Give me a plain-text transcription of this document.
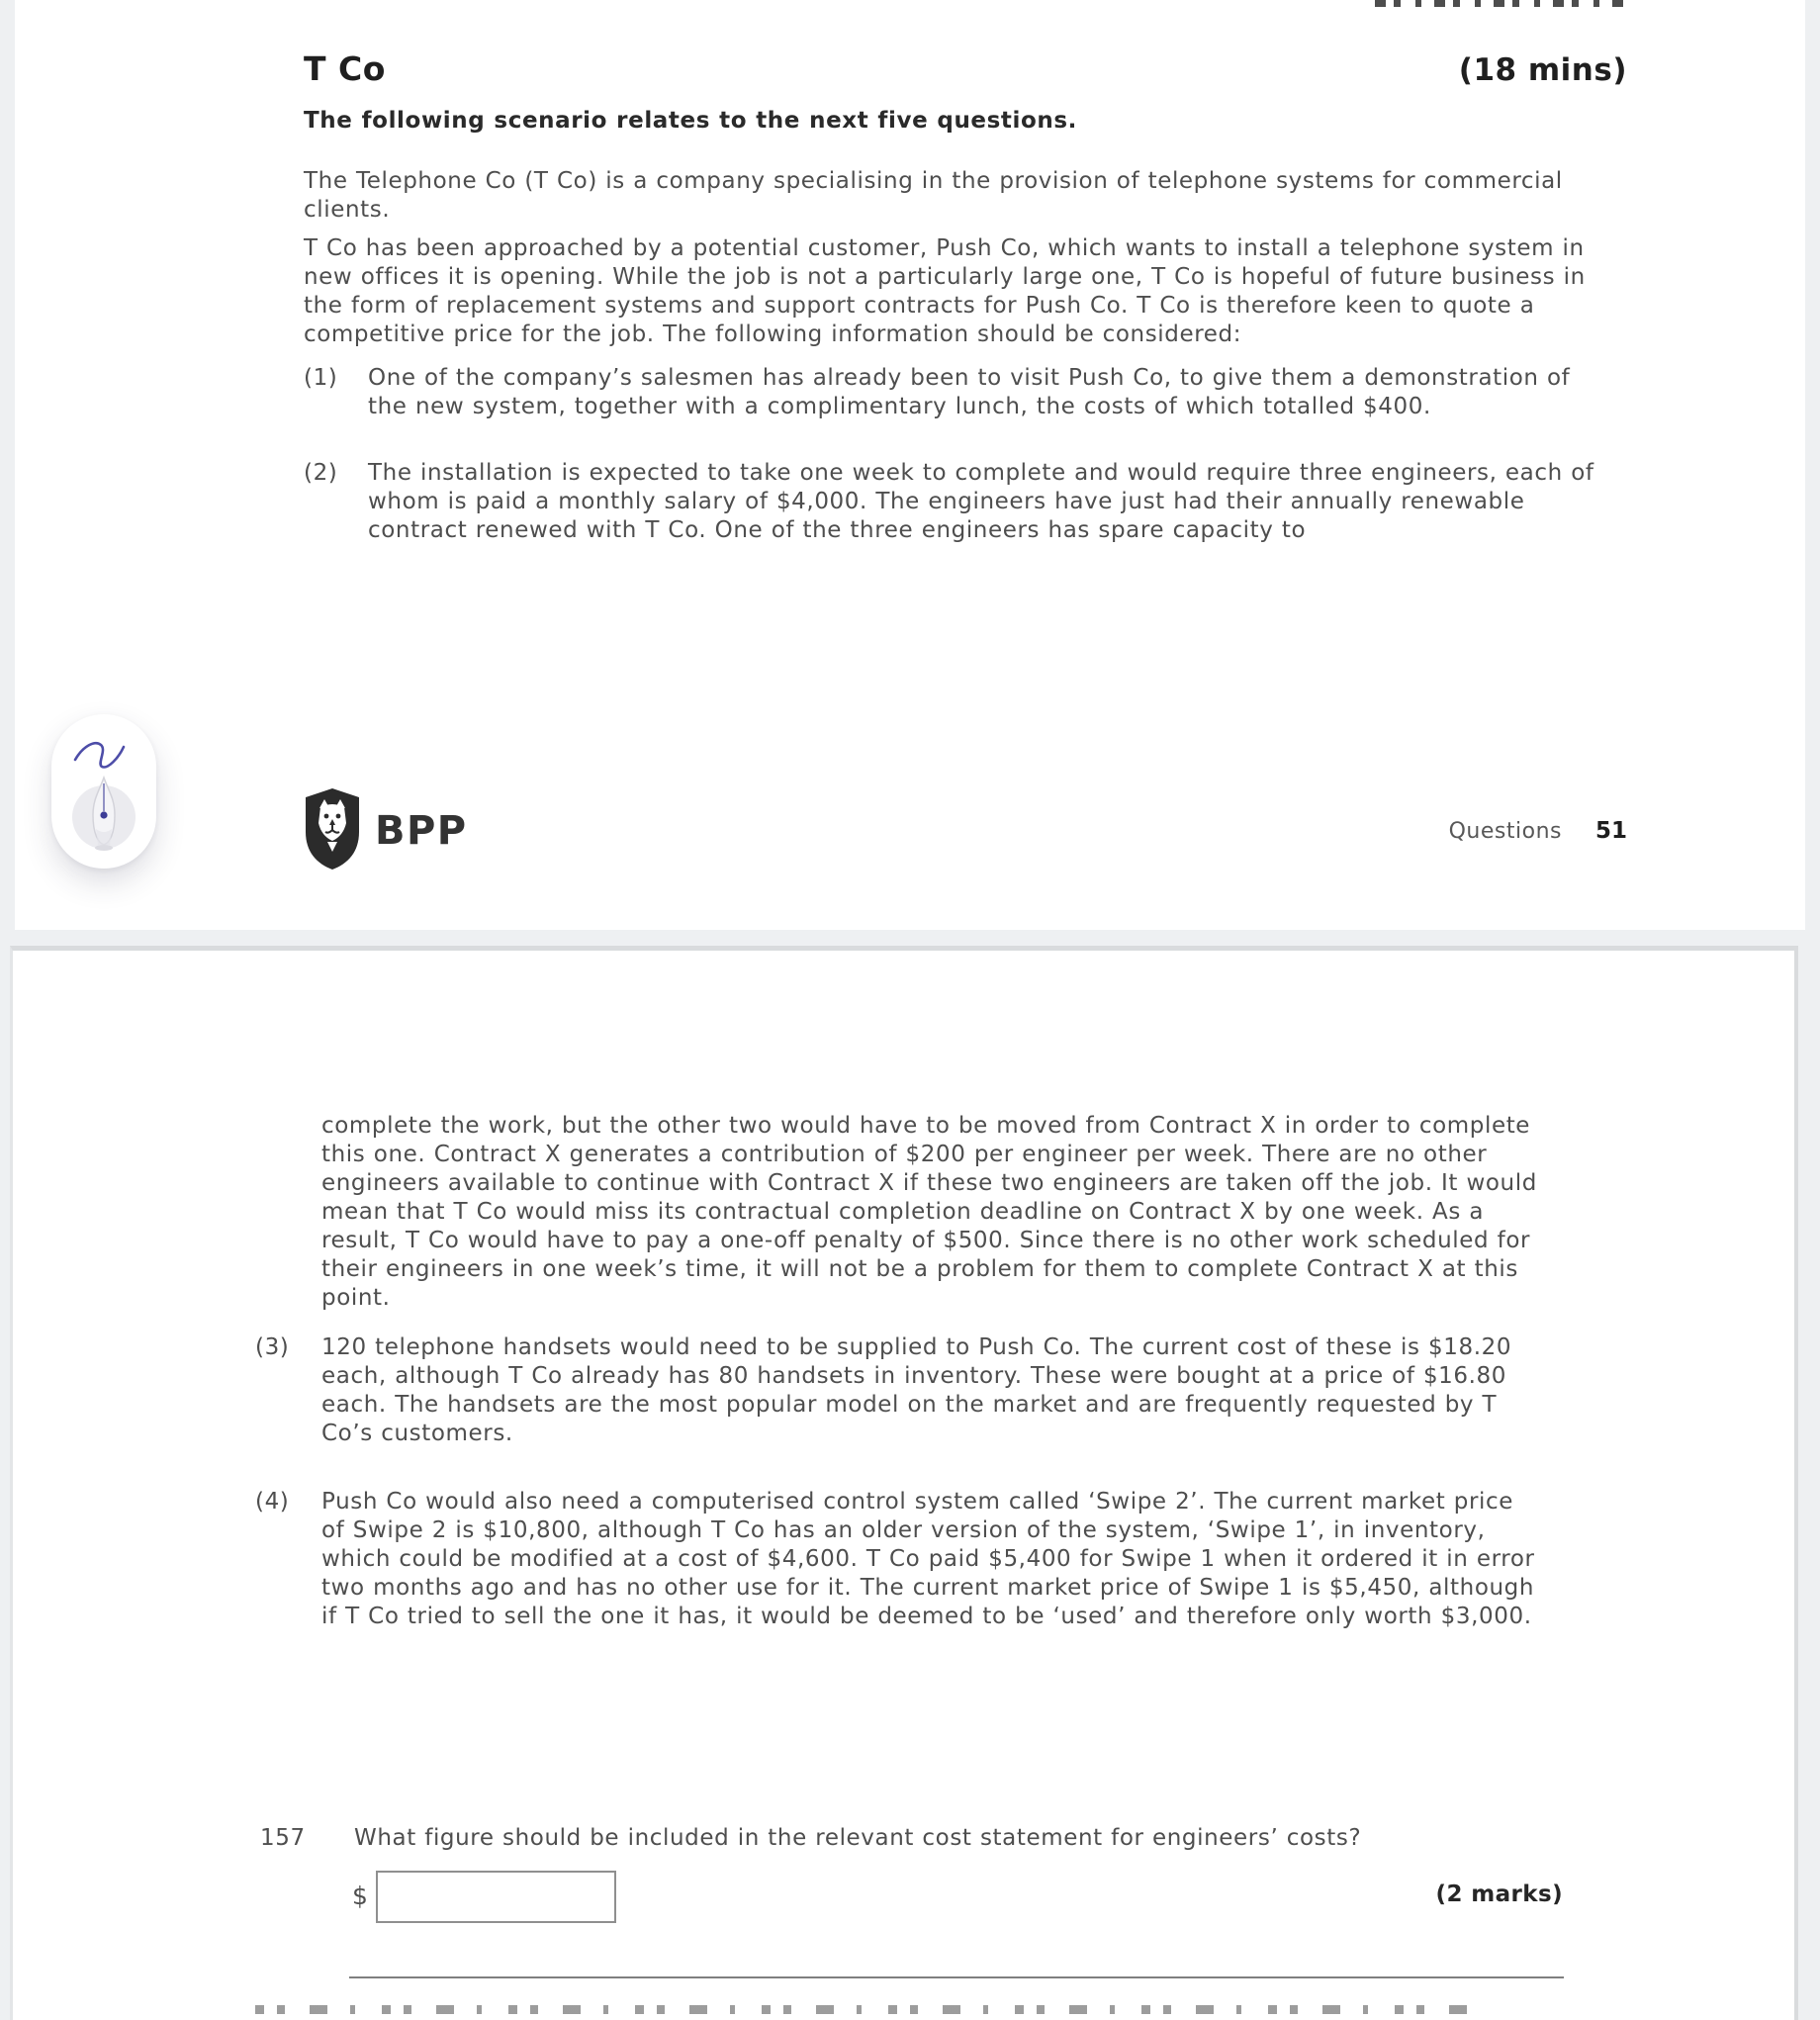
T Co	(18 mins)
The following scenario relates to the next five questions.

The Telephone Co (T Co) is a company specialising in the provision of telephone systems for commercial clients.

T Co has been approached by a potential customer, Push Co, which wants to install a telephone system in new offices it is opening. While the job is not a particularly large one, T Co is hopeful of future business in the form of replacement systems and support contracts for Push Co. T Co is therefore keen to quote a competitive price for the job. The following information should be considered:

(1)	One of the company’s salesmen has already been to visit Push Co, to give them a demonstration of the new system, together with a complimentary lunch, the costs of which totalled $400.
(2)	The installation is expected to take one week to complete and would require three engineers, each of whom is paid a monthly salary of $4,000. The engineers have just had their annually renewable contract renewed with T Co. One of the three engineers has spare capacity to
BPP	Questions 51

complete the work, but the other two would have to be moved from Contract X in order to complete this one. Contract X generates a contribution of $200 per engineer per week. There are no other engineers available to continue with Contract X if these two engineers are taken off the job. It would mean that T Co would miss its contractual completion deadline on Contract X by one week. As a result, T Co would have to pay a one-off penalty of $500. Since there is no other work scheduled for their engineers in one week’s time, it will not be a problem for them to complete Contract X at this point.

(3)	120 telephone handsets would need to be supplied to Push Co. The current cost of these is $18.20 each, although T Co already has 80 handsets in inventory. These were bought at a price of $16.80 each. The handsets are the most popular model on the market and are frequently requested by T Co’s customers.
(4)	Push Co would also need a computerised control system called ‘Swipe 2’. The current market price of Swipe 2 is $10,800, although T Co has an older version of the system, ‘Swipe 1’, in inventory, which could be modified at a cost of $4,600. T Co paid $5,400 for Swipe 1 when it ordered it in error two months ago and has no other use for it. The current market price of Swipe 1 is $5,450, although if T Co tried to sell the one it has, it would be deemed to be ‘used’ and therefore only worth $3,000.
157	What figure should be included in the relevant cost statement for engineers’ costs?
$	(2 marks)
